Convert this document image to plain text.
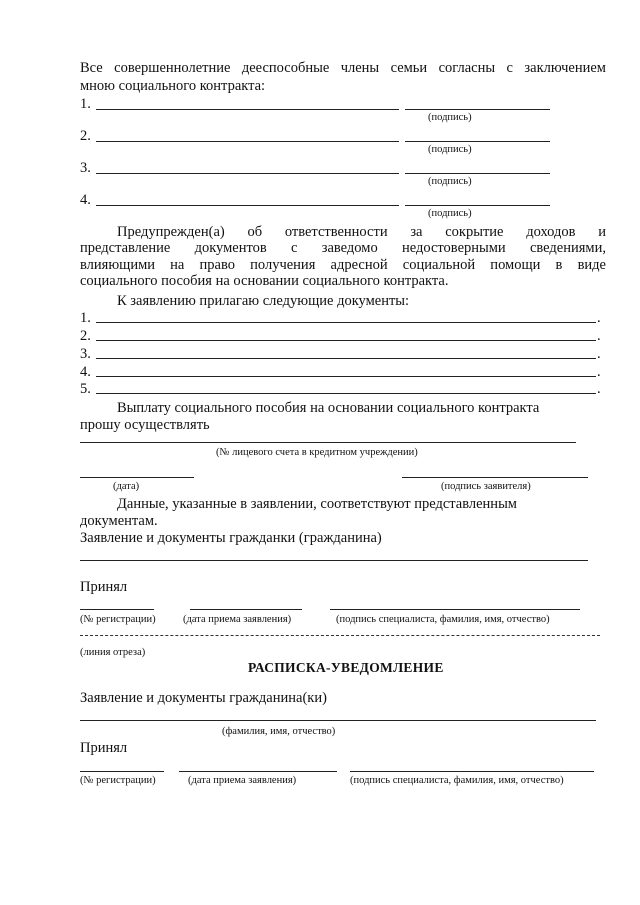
Все совершеннолетние дееспособные члены семьи согласны с заключением
мною социального контракта:
1.
(подпись)
2.
(подпись)
3.
(подпись)
4.
(подпись)
Предупрежден(а) об ответственности за сокрытие доходов и
представление документов с заведомо недостоверными сведениями,
влияющими на право получения адресной социальной помощи в виде
социального пособия на основании социального контракта.
К заявлению прилагаю следующие документы:
1.	.
2.	.
3.	.
4.	.
5.	.
Выплату социального пособия на основании социального контракта
прошу осуществлять
(№ лицевого счета в кредитном учреждении)
(дата)	(подпись заявителя)
Данные, указанные в заявлении, соответствуют представленным
документам.
Заявление и документы гражданки (гражданина)
Принял
(№ регистрации)	(дата приема заявления)	(подпись специалиста, фамилия, имя, отчество)
(линия отреза)
РАСПИСКА-УВЕДОМЛЕНИЕ
Заявление и документы гражданина(ки)
(фамилия, имя, отчество)
Принял
(№ регистрации)	(дата приема заявления)	(подпись специалиста, фамилия, имя, отчество)
